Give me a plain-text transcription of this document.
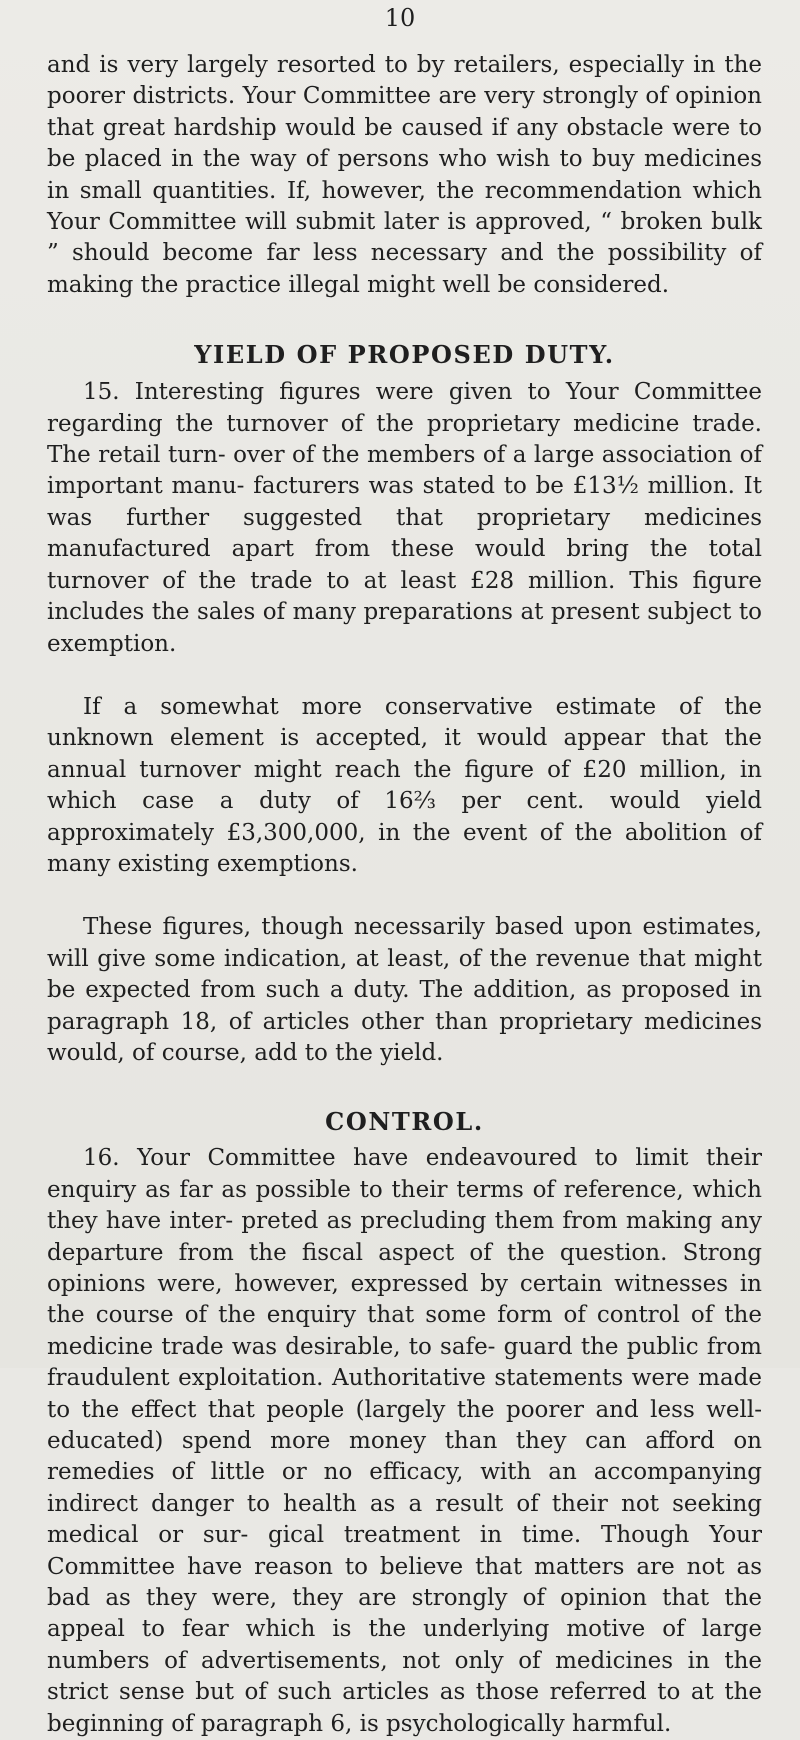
10

and is very largely resorted to by retailers, especially in the poorer districts. Your Committee are very strongly of opinion that great hardship would be caused if any obstacle were to be placed in the way of persons who wish to buy medicines in small quantities. If, however, the recommendation which Your Committee will submit later is approved, “ broken bulk ” should become far less necessary and the possibility of making the practice illegal might well be considered.

YIELD OF PROPOSED DUTY.

15. Interesting figures were given to Your Committee regarding the turnover of the proprietary medicine trade. The retail turn- over of the members of a large association of important manu- facturers was stated to be £13½ million. It was further suggested that proprietary medicines manufactured apart from these would bring the total turnover of the trade to at least £28 million. This figure includes the sales of many preparations at present subject to exemption.

If a somewhat more conservative estimate of the unknown element is accepted, it would appear that the annual turnover might reach the figure of £20 million, in which case a duty of 16⅔ per cent. would yield approximately £3,300,000, in the event of the abolition of many existing exemptions.

These figures, though necessarily based upon estimates, will give some indication, at least, of the revenue that might be expected from such a duty. The addition, as proposed in paragraph 18, of articles other than proprietary medicines would, of course, add to the yield.

CONTROL.

16. Your Committee have endeavoured to limit their enquiry as far as possible to their terms of reference, which they have inter- preted as precluding them from making any departure from the fiscal aspect of the question. Strong opinions were, however, expressed by certain witnesses in the course of the enquiry that some form of control of the medicine trade was desirable, to safe- guard the public from fraudulent exploitation. Authoritative statements were made to the effect that people (largely the poorer and less well-educated) spend more money than they can afford on remedies of little or no efficacy, with an accompanying indirect danger to health as a result of their not seeking medical or sur- gical treatment in time. Though Your Committee have reason to believe that matters are not as bad as they were, they are strongly of opinion that the appeal to fear which is the underlying motive of large numbers of advertisements, not only of medicines in the strict sense but of such articles as those referred to at the beginning of paragraph 6, is psychologically harmful.
